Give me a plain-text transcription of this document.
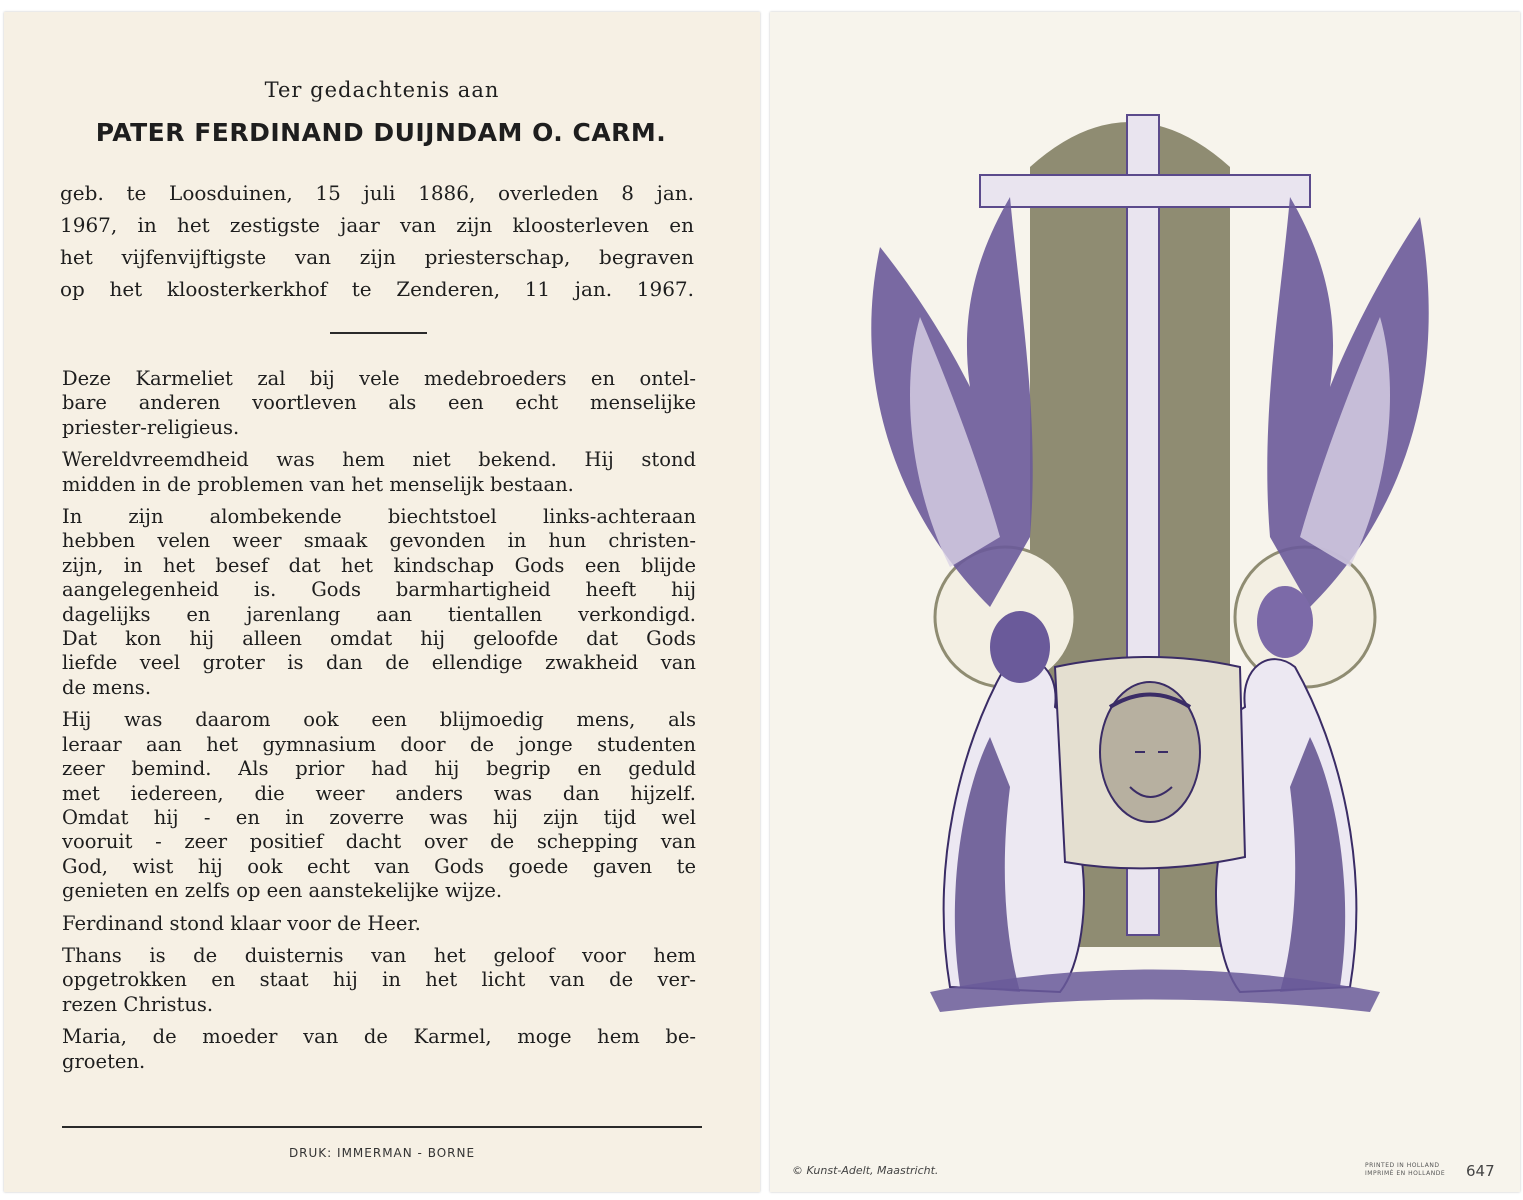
Ter gedachtenis aan
PATER FERDINAND DUIJNDAM O. CARM.
geb. te Loosduinen, 15 juli 1886, overleden 8 jan.
1967, in het zestigste jaar van zijn kloosterleven en
het vijfenvijftigste van zijn priesterschap, begraven
op het kloosterkerkhof te Zenderen, 11 jan. 1967.
Deze Karmeliet zal bij vele medebroeders en ontel-
bare anderen voortleven als een echt menselijke
priester-religieus.
Wereldvreemdheid was hem niet bekend. Hij stond
midden in de problemen van het menselijk bestaan.
In zijn alombekende biechtstoel links-achteraan
hebben velen weer smaak gevonden in hun christen-
zijn, in het besef dat het kindschap Gods een blijde
aangelegenheid is. Gods barmhartigheid heeft hij
dagelijks en jarenlang aan tientallen verkondigd.
Dat kon hij alleen omdat hij geloofde dat Gods
liefde veel groter is dan de ellendige zwakheid van
de mens.
Hij was daarom ook een blijmoedig mens, als
leraar aan het gymnasium door de jonge studenten
zeer bemind. Als prior had hij begrip en geduld
met iedereen, die weer anders was dan hijzelf.
Omdat hij - en in zoverre was hij zijn tijd wel
vooruit - zeer positief dacht over de schepping van
God, wist hij ook echt van Gods goede gaven te
genieten en zelfs op een aanstekelijke wijze.
Ferdinand stond klaar voor de Heer.
Thans is de duisternis van het geloof voor hem
opgetrokken en staat hij in het licht van de ver-
rezen Christus.
Maria, de moeder van de Karmel, moge hem be-
groeten.
DRUK: IMMERMAN - BORNE
© Kunst-Adelt, Maastricht.	PRINTED IN HOLLAND
IMPRIMÉ EN HOLLANDE 647
